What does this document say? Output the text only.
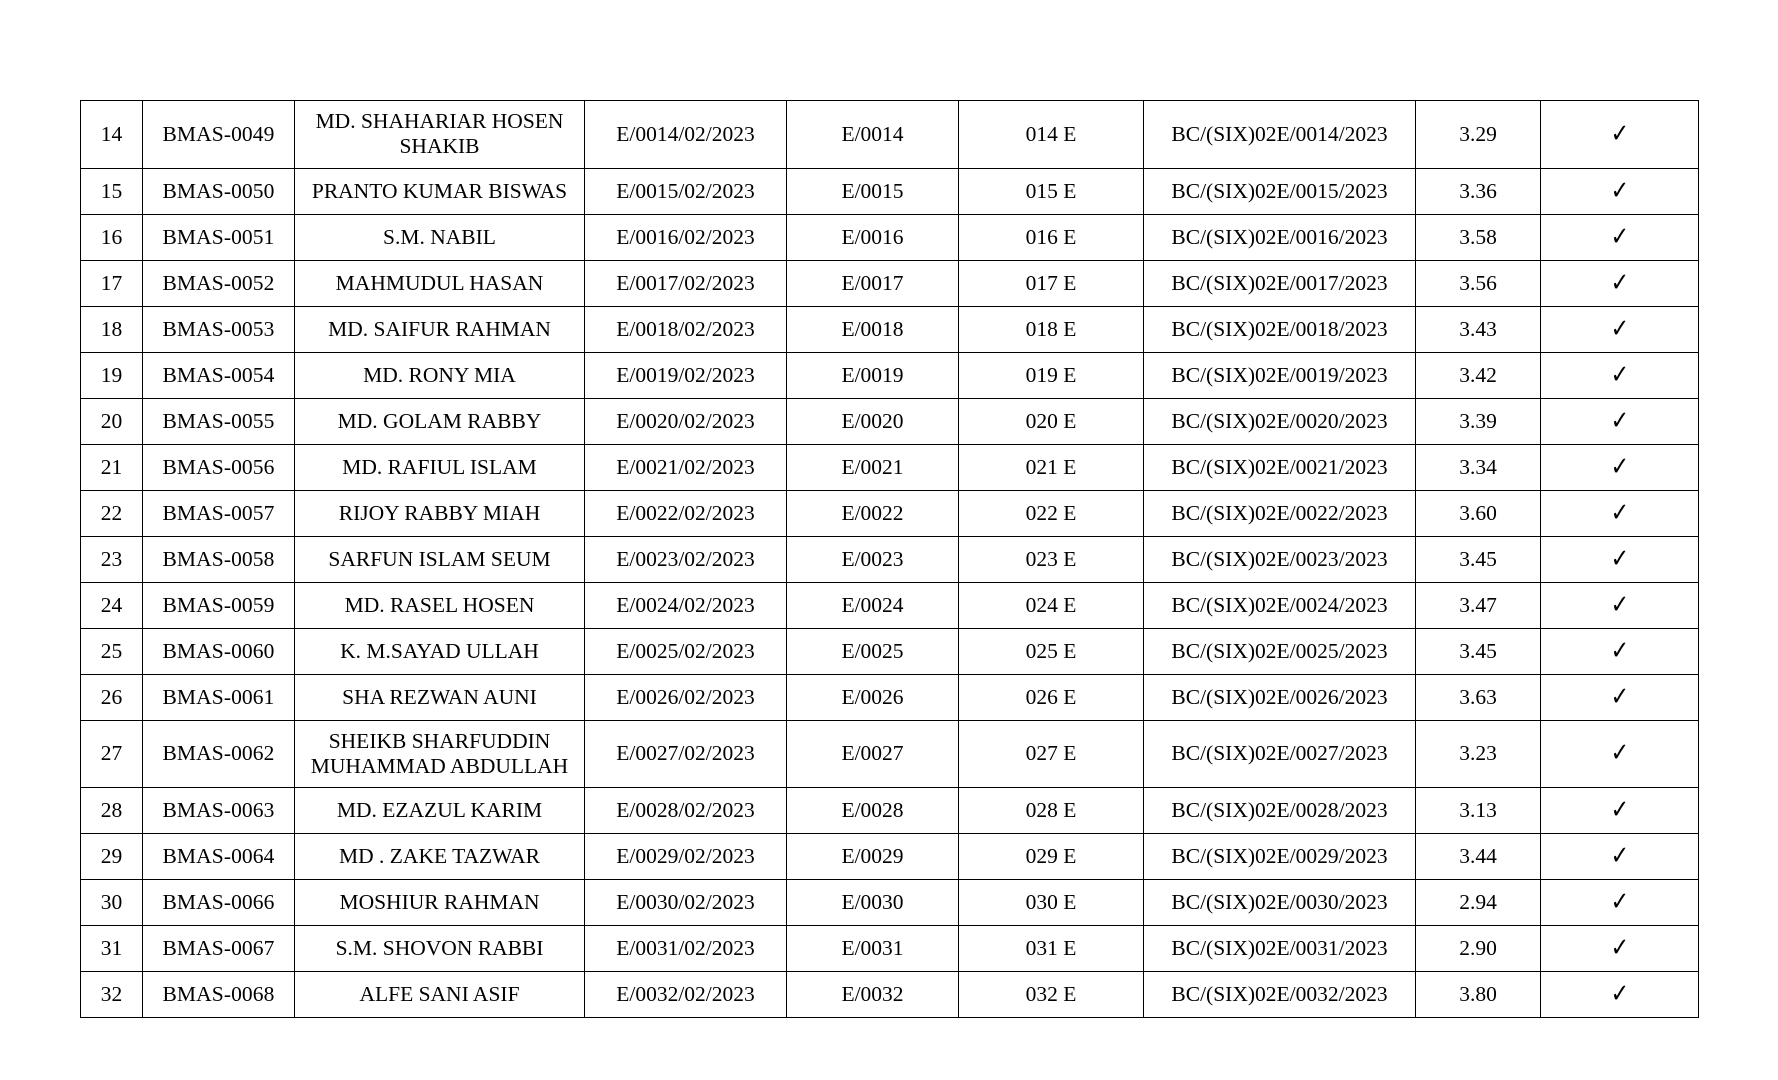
14	BMAS-0049	MD. SHAHARIAR HOSEN SHAKIB	E/0014/02/2023	E/0014	014 E	BC/(SIX)02E/0014/2023	3.29	✓
15	BMAS-0050	PRANTO KUMAR BISWAS	E/0015/02/2023	E/0015	015 E	BC/(SIX)02E/0015/2023	3.36	✓
16	BMAS-0051	S.M. NABIL	E/0016/02/2023	E/0016	016 E	BC/(SIX)02E/0016/2023	3.58	✓
17	BMAS-0052	MAHMUDUL HASAN	E/0017/02/2023	E/0017	017 E	BC/(SIX)02E/0017/2023	3.56	✓
18	BMAS-0053	MD. SAIFUR RAHMAN	E/0018/02/2023	E/0018	018 E	BC/(SIX)02E/0018/2023	3.43	✓
19	BMAS-0054	MD. RONY MIA	E/0019/02/2023	E/0019	019 E	BC/(SIX)02E/0019/2023	3.42	✓
20	BMAS-0055	MD. GOLAM RABBY	E/0020/02/2023	E/0020	020 E	BC/(SIX)02E/0020/2023	3.39	✓
21	BMAS-0056	MD. RAFIUL ISLAM	E/0021/02/2023	E/0021	021 E	BC/(SIX)02E/0021/2023	3.34	✓
22	BMAS-0057	RIJOY RABBY MIAH	E/0022/02/2023	E/0022	022 E	BC/(SIX)02E/0022/2023	3.60	✓
23	BMAS-0058	SARFUN ISLAM SEUM	E/0023/02/2023	E/0023	023 E	BC/(SIX)02E/0023/2023	3.45	✓
24	BMAS-0059	MD. RASEL HOSEN	E/0024/02/2023	E/0024	024 E	BC/(SIX)02E/0024/2023	3.47	✓
25	BMAS-0060	K. M.SAYAD ULLAH	E/0025/02/2023	E/0025	025 E	BC/(SIX)02E/0025/2023	3.45	✓
26	BMAS-0061	SHA REZWAN AUNI	E/0026/02/2023	E/0026	026 E	BC/(SIX)02E/0026/2023	3.63	✓
27	BMAS-0062	SHEIKB SHARFUDDIN MUHAMMAD ABDULLAH	E/0027/02/2023	E/0027	027 E	BC/(SIX)02E/0027/2023	3.23	✓
28	BMAS-0063	MD. EZAZUL KARIM	E/0028/02/2023	E/0028	028 E	BC/(SIX)02E/0028/2023	3.13	✓
29	BMAS-0064	MD . ZAKE TAZWAR	E/0029/02/2023	E/0029	029 E	BC/(SIX)02E/0029/2023	3.44	✓
30	BMAS-0066	MOSHIUR RAHMAN	E/0030/02/2023	E/0030	030 E	BC/(SIX)02E/0030/2023	2.94	✓
31	BMAS-0067	S.M. SHOVON RABBI	E/0031/02/2023	E/0031	031 E	BC/(SIX)02E/0031/2023	2.90	✓
32	BMAS-0068	ALFE SANI ASIF	E/0032/02/2023	E/0032	032 E	BC/(SIX)02E/0032/2023	3.80	✓
